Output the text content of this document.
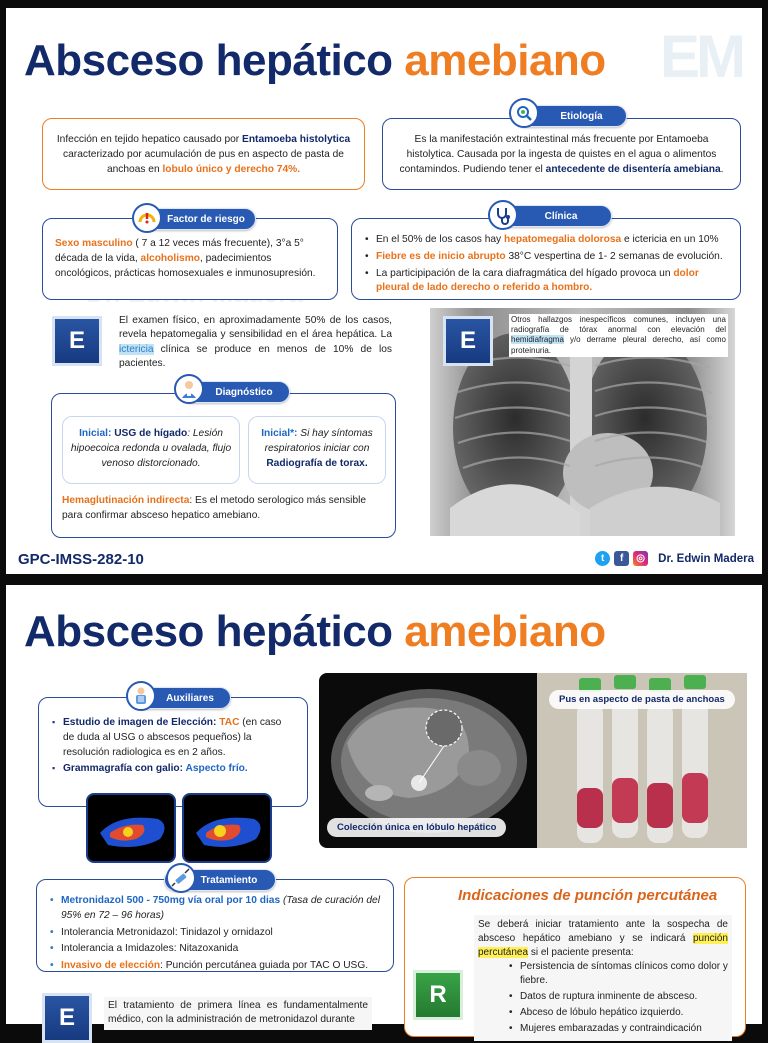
EM
Absceso hepático amebiano
Infección en tejido hepatico causado por Entamoeba histolytica caracterizado por acumulación de pus en aspecto de pasta de anchoas en lobulo único y derecho 74%.
Es la manifestación extraintestinal más frecuente por Entamoeba histolytica. Causada por la ingesta de quistes en el agua o alimentos contamindos. Pudiendo tener el antecedente de disentería amebiana.
Etiología
Sexo masculino ( 7 a 12 veces más frecuente), 3°a 5° década de la vida, alcoholismo, padecimientos oncológicos, prácticas homosexuales e inmunosupresión.
Factor de riesgo
• En el 50% de los casos hay hepatomegalia dolorosa e ictericia en un 10%
• Fiebre es de inicio abrupto 38°C vespertina de 1- 2 semanas de evolución.
• La participipación de la cara diafragmática del hígado provoca un dolor pleural de lado derecho o referido a hombro.
Clínica
E
El examen físico, en aproximadamente 50% de los casos, revela hepatomegalia y sensibilidad en el área hepática. La ictericia clínica se produce en menos de 10% de los pacientes.
E
Otros hallazgos inespecíficos comunes, incluyen una radiografía de tórax anormal con elevación del hemidiafragma y/o derrame pleural derecho, así como proteinuria.
Inicial: USG de hígado: Lesión hipoecoica redonda u ovalada, flujo venoso distorcionado.
Inicial*: Si hay síntomas respiratorios iniciar con Radiografía de torax.
Hemaglutinación indirecta: Es el metodo serologico más sensible para confirmar absceso hepatico amebiano.
Diagnóstico
GPC-IMSS-282-10	t	f	◎ Dr. Edwin Madera
Absceso hepático amebiano
▪ Estudio de imagen de Elección: TAC (en caso de duda al USG o abscesos pequeños) la resolución radiologica es en 2 años.
▪ Grammagrafía con galio: Aspecto frío.
Auxiliares
Colección única en lóbulo hepático
Pus en aspecto de pasta de anchoas
• Metronidazol 500 - 750mg vía oral por 10 dias (Tasa de curación del 95% en 72 – 96 horas)
• Intolerancia Metronidazol: Tinidazol y ornidazol
• Intolerancia a Imidazoles: Nitazoxanida
• Invasivo de elección: Punción percutánea guiada por TAC O USG.
Tratamiento
E	El tratamiento de primera línea es fundamentalmente médico, con la administración de metronidazol durante
Indicaciones de punción percutánea
R
Se deberá iniciar tratamiento ante la sospecha de absceso hepático amebiano y se indicará punción percutánea si el paciente presenta:
• Persistencia de síntomas clínicos como dolor y fiebre.
• Datos de ruptura inminente de absceso.
• Abceso de lóbulo hepático izquierdo.
• Mujeres embarazadas y contraindicación
